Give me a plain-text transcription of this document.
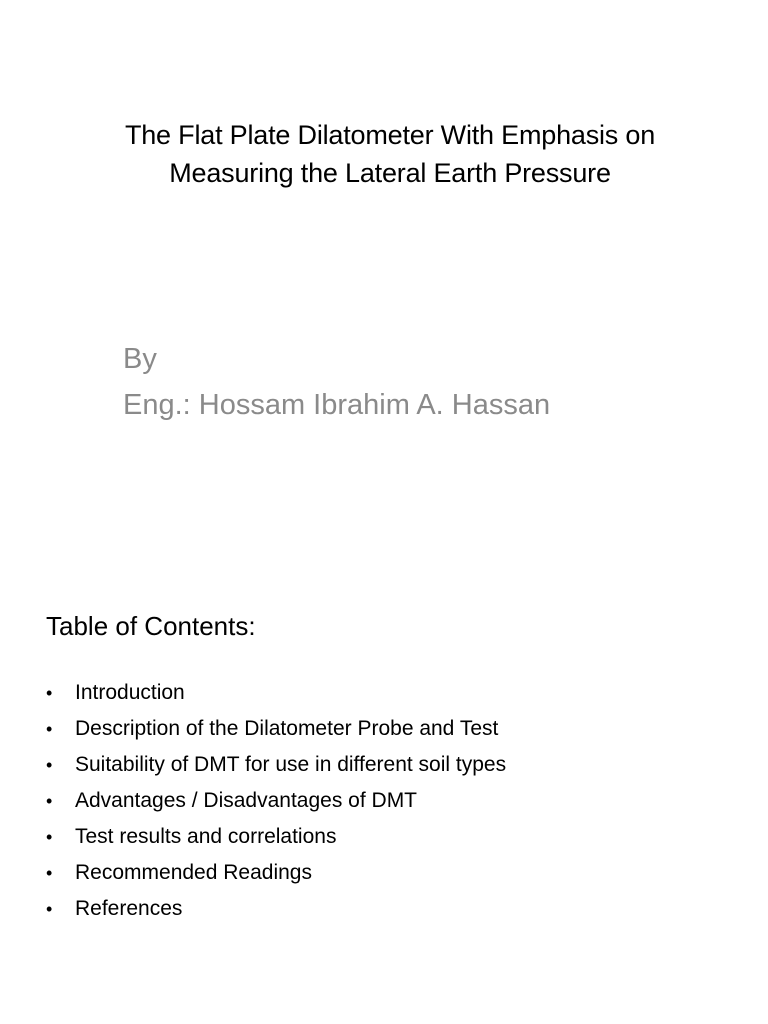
The Flat Plate Dilatometer With Emphasis on
Measuring the Lateral Earth Pressure
By
Eng.: Hossam Ibrahim A. Hassan
Table of Contents:
• Introduction
• Description of the Dilatometer Probe and Test
• Suitability of DMT for use in different soil types
• Advantages / Disadvantages of DMT
• Test results and correlations
• Recommended Readings
• References
